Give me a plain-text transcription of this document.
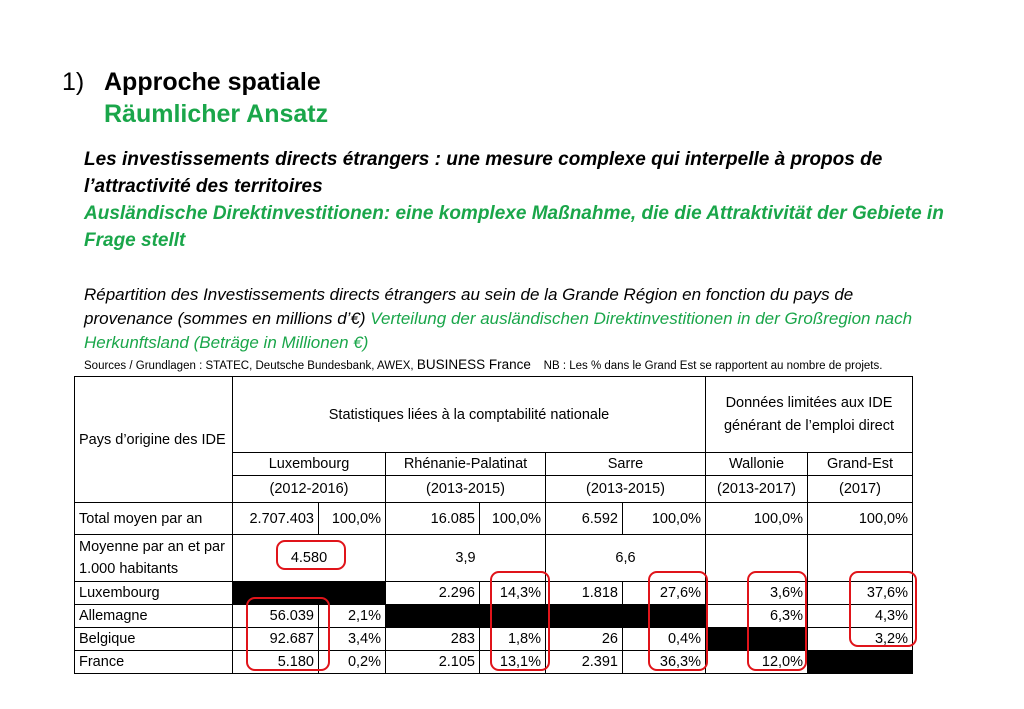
1) Approche spatiale
Räumlicher Ansatz
Les investissements directs étrangers : une mesure complexe qui interpelle à propos de l’attractivité des territoires
Ausländische Direktinvestitionen: eine komplexe Maßnahme, die die Attraktivität der Gebiete in Frage stellt
Répartition des Investissements directs étrangers au sein de la Grande Région en fonction du pays de provenance (sommes en millions d’€) Verteilung der ausländischen Direktinvestitionen in der Großregion nach Herkunftsland (Beträge in Millionen €)
Sources / Grundlagen : STATEC, Deutsche Bundesbank, AWEX, BUSINESS France NB : Les % dans le Grand Est se rapportent au nombre de projets.
Pays d’origine des IDE	Statistiques liées à la comptabilité nationale						Données limitées aux IDE générant de l’emploi direct	
	Luxembourg		Rhénanie-Palatinat		Sarre		Wallonie	Grand-Est
	(2012-2016)		(2013-2015)		(2013-2015)		(2013-2017)	(2017)
Total moyen par an	2.707.403	100,0%	16.085	100,0%	6.592	100,0%	100,0%	100,0%
Moyenne par an et par 1.000 habitants	4.580		3,9		6,6			
Luxembourg			2.296	14,3%	1.818	27,6%	3,6%	37,6%
Allemagne	56.039	2,1%					6,3%	4,3%
Belgique	92.687	3,4%	283	1,8%	26	0,4%		3,2%
France	5.180	0,2%	2.105	13,1%	2.391	36,3%	12,0%	
